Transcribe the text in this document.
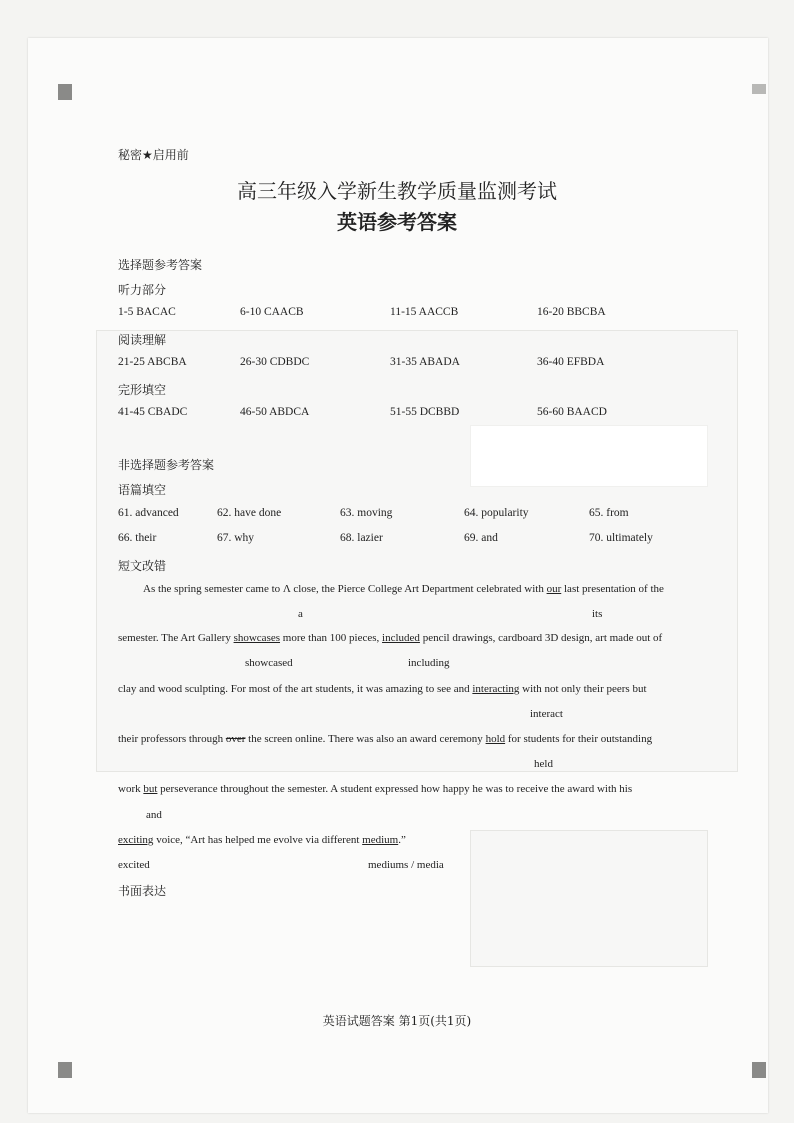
秘密★启用前
高三年级入学新生教学质量监测考试
英语参考答案
选择题参考答案
听力部分
1-5 BACAC	6-10 CAACB	11-15 AACCB	16-20 BBCBA
阅读理解
21-25 ABCBA	26-30 CDBDC	31-35 ABADA	36-40 EFBDA
完形填空
41-45 CBADC	46-50 ABDCA	51-55 DCBBD	56-60 BAACD
非选择题参考答案
语篇填空
61. advanced	62. have done	63. moving	64. popularity	65. from
66. their	67. why	68. lazier	69. and	70. ultimately
短文改错
As the spring semester came to Λ close, the Pierce College Art Department celebrated with our last presentation of the
a	its
semester. The Art Gallery showcases more than 100 pieces, included pencil drawings, cardboard 3D design, art made out of
showcased	including
clay and wood sculpting. For most of the art students, it was amazing to see and interacting with not only their peers but
interact
their professors through over the screen online. There was also an award ceremony hold for students for their outstanding
held
work but perseverance throughout the semester. A student expressed how happy he was to receive the award with his
and
exciting voice, “Art has helped me evolve via different medium.”
excited	mediums / media
书面表达
英语试题答案 第1页(共1页)
